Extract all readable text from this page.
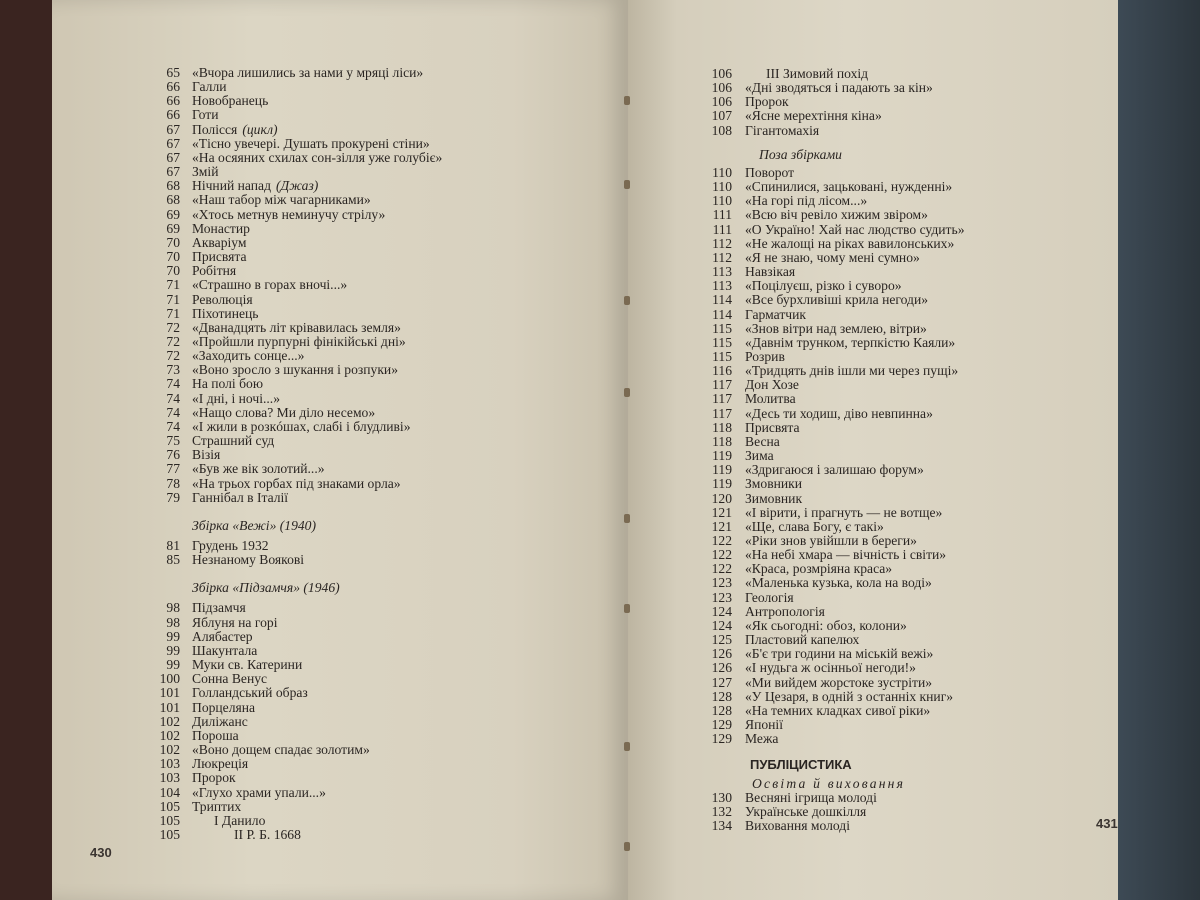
65 «Вчора лишились за нами у мряці ліси»
66 Галли
66 Новобранець
66 Готи
67 Полісся (цикл)
67 «Тісно увечері. Душать прокурені стіни»
67 «На осяяних схилах сон-зілля уже голубіє»
67 Змій
68 Нічний напад (Джаз)
68 «Наш табор між чагарниками»
69 «Хтось метнув неминучу стрілу»
69 Монастир
70 Акваріум
70 Присвята
70 Робітня
71 «Страшно в горах вночі...»
71 Революція
71 Піхотинець
72 «Дванадцять літ крівавилась земля»
72 «Пройшли пурпурні фінікійські дні»
72 «Заходить сонце...»
73 «Воно зросло з шукання і розпуки»
74 На полі бою
74 «І дні, і ночі...»
74 «Нащо слова? Ми діло несемо»
74 «І жили в розкóшах, слабі і блудливі»
75 Страшний суд
76 Візія
77 «Був же вік золотий...»
78 «На трьох горбах під знаками орла»
79 Ганнібал в Італії
Збірка «Вежі» (1940)
81 Грудень 1932
85 Незнаному Воякові
Збірка «Підзамчя» (1946)
98 Підзамчя
98 Яблуня на горі
99 Алябастер
99 Шакунтала
99 Муки св. Катерини
100 Сонна Венус
101 Голландський образ
101 Порцеляна
102 Диліжанс
102 Пороша
102 «Воно дощем спадає золотим»
103 Люкреція
103 Пророк
104 «Глухо храми упали...»
105 Триптих
105	І Данило
105	II Р. Б. 1668
106	III Зимовий похід
106 «Дні зводяться і падають за кін»
106 Пророк
107 «Ясне мерехтіння кіна»
108 Гігантомахія
Поза збірками
110 Поворот
110 «Спинилися, зацьковані, нужденні»
110 «На горі під лісом...»
111 «Всю віч ревіло хижим звіром»
111 «О Україно! Хай нас людство судить»
112 «Не жалощі на ріках вавилонських»
112 «Я не знаю, чому мені сумно»
113 Навзікая
113 «Поцілуєш, різко і суворо»
114 «Все бурхливіші крила негоди»
114 Гарматчик
115 «Знов вітри над землею, вітри»
115 «Давнім трунком, терпкістю Каяли»
115 Розрив
116 «Тридцять днів ішли ми через пущі»
117 Дон Хозе
117 Молитва
117 «Десь ти ходиш, діво невпинна»
118 Присвята
118 Весна
119 Зима
119 «Здригаюся і залишаю форум»
119 Змовники
120 Зимовник
121 «І вірити, і прагнуть — не вотще»
121 «Ще, слава Богу, є такі»
122 «Ріки знов увійшли в береги»
122 «На небі хмара — вічність і світи»
122 «Краса, розмріяна краса»
123 «Маленька кузька, кола на воді»
123 Геологія
124 Антропологія
124 «Як сьогодні: обоз, колони»
125 Пластовий капелюх
126 «Б'є три години на міській вежі»
126 «І нудьга ж осінньої негоди!»
127 «Ми вийдем жорстоке зустріти»
128 «У Цезаря, в одній з останніх книг»
128 «На темних кладках сивої ріки»
129 Японії
129 Межа
ПУБЛІЦИСТИКА
Освіта й виховання
130 Весняні ігрища молоді
132 Українське дошкілля
134 Виховання молоді
430
431
